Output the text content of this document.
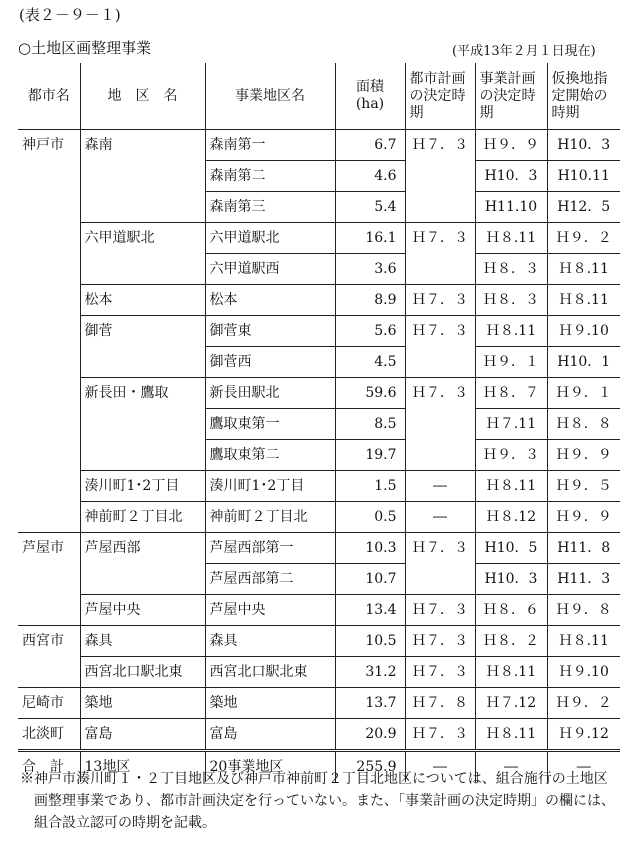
(表２－９－１)
○土地区画整理事業	(平成13年２月１日現在)
都市名	地　区　名	事業地区名	面積
(ha)	都市計画の決定時期	事業計画の決定時期	仮換地指定開始の時期
神戸市	森南	森南第一	6.7	Ｈ７．３	Ｈ９．９	H10．3
		森南第二	4.6		H10．3	H10.11
		森南第三	5.4		H11.10	H12．5
	六甲道駅北	六甲道駅北	16.1	Ｈ７．３	Ｈ８.11	Ｈ９．２
		六甲道駅西	3.6		Ｈ８．３	Ｈ８.11
	松本	松本	8.9	Ｈ７．３	Ｈ８．３	Ｈ８.11
	御菅	御菅東	5.6	Ｈ７．３	Ｈ８.11	Ｈ９.10
		御菅西	4.5		Ｈ９．１	H10．1
	新長田・鷹取	新長田駅北	59.6	Ｈ７．３	Ｈ８．７	Ｈ９．１
		鷹取東第一	8.5		Ｈ７.11	Ｈ８．８
		鷹取東第二	19.7		Ｈ９．３	Ｈ９．９
	湊川町1･2丁目	湊川町1･2丁目	1.5	―	Ｈ８.11	Ｈ９．５
	神前町２丁目北	神前町２丁目北	0.5	―	Ｈ８.12	Ｈ９．９
芦屋市	芦屋西部	芦屋西部第一	10.3	Ｈ７．３	H10．5	H11．8
		芦屋西部第二	10.7		H10．3	H11．3
	芦屋中央	芦屋中央	13.4	Ｈ７．３	Ｈ８．６	Ｈ９．８
西宮市	森具	森具	10.5	Ｈ７．３	Ｈ８．２	Ｈ８.11
	西宮北口駅北東	西宮北口駅北東	31.2	Ｈ７．３	Ｈ８.11	Ｈ９.10
尼崎市	築地	築地	13.7	Ｈ７．８	Ｈ７.12	Ｈ９．２
北淡町	富島	富島	20.9	Ｈ７．３	Ｈ８.11	Ｈ９.12
合　計	13地区	20事業地区	255.9	―	―	―
※神戸市湊川町１・２丁目地区及び神戸市神前町２丁目北地区については、組合施行の土地区画整理事業であり、都市計画決定を行っていない。また、「事業計画の決定時期」の欄には、組合設立認可の時期を記載。
